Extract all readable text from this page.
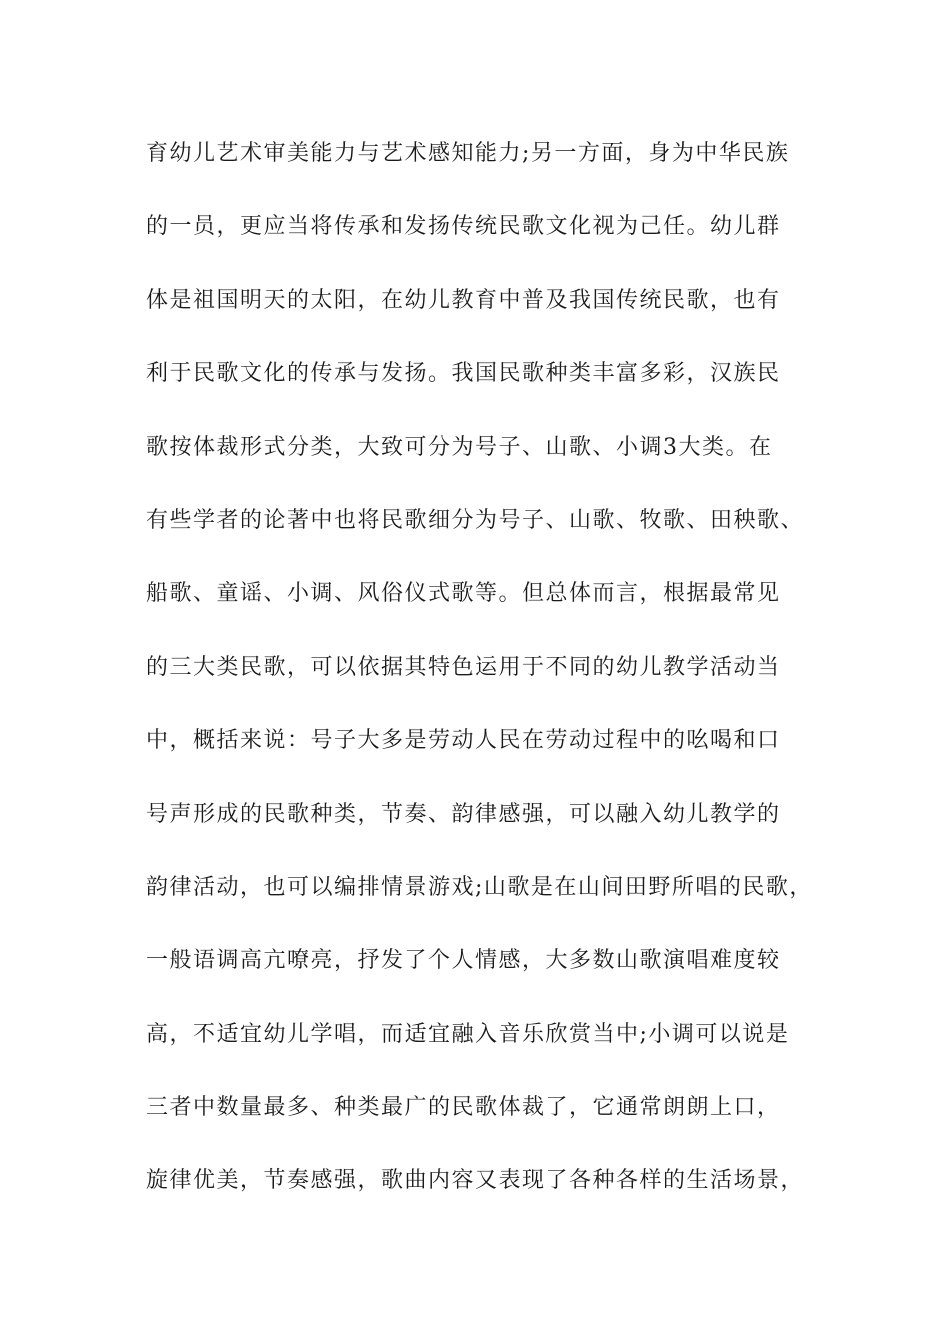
育幼儿艺术审美能力与艺术感知能力;另一方面，身为中华民族
的一员，更应当将传承和发扬传统民歌文化视为己任。幼儿群
体是祖国明天的太阳，在幼儿教育中普及我国传统民歌，也有
利于民歌文化的传承与发扬。我国民歌种类丰富多彩，汉族民
歌按体裁形式分类，大致可分为号子、山歌、小调3大类。在
有些学者的论著中也将民歌细分为号子、山歌、牧歌、田秧歌、
船歌、童谣、小调、风俗仪式歌等。但总体而言，根据最常见
的三大类民歌，可以依据其特色运用于不同的幼儿教学活动当
中，概括来说：号子大多是劳动人民在劳动过程中的吆喝和口
号声形成的民歌种类，节奏、韵律感强，可以融入幼儿教学的
韵律活动，也可以编排情景游戏;山歌是在山间田野所唱的民歌，
一般语调高亢嘹亮，抒发了个人情感，大多数山歌演唱难度较
高，不适宜幼儿学唱，而适宜融入音乐欣赏当中;小调可以说是
三者中数量最多、种类最广的民歌体裁了，它通常朗朗上口，
旋律优美，节奏感强，歌曲内容又表现了各种各样的生活场景，
